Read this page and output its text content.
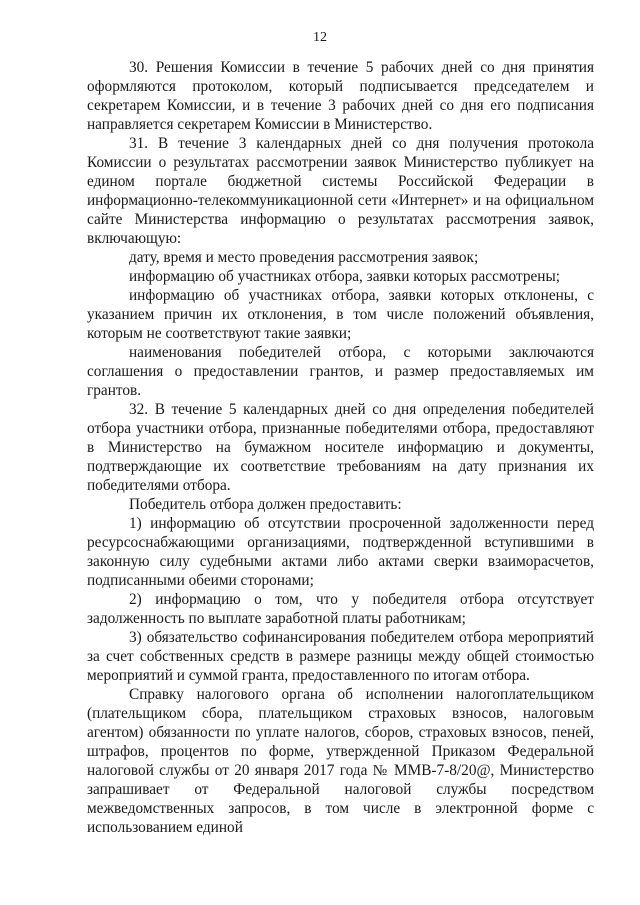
12

30. Решения Комиссии в течение 5 рабочих дней со дня принятия оформляются протоколом, который подписывается председателем и секретарем Комиссии, и в течение 3 рабочих дней со дня его подписания направляется секретарем Комиссии в Министерство.

31. В течение 3 календарных дней со дня получения протокола Комиссии о результатах рассмотрении заявок Министерство публикует на едином портале бюджетной системы Российской Федерации в информационно-телекоммуникационной сети «Интернет» и на официальном сайте Министерства информацию о результатах рассмотрения заявок, включающую:

дату, время и место проведения рассмотрения заявок;

информацию об участниках отбора, заявки которых рассмотрены;

информацию об участниках отбора, заявки которых отклонены, с указанием причин их отклонения, в том числе положений объявления, которым не соответствуют такие заявки;

наименования победителей отбора, с которыми заключаются соглашения о предоставлении грантов, и размер предоставляемых им грантов.

32. В течение 5 календарных дней со дня определения победителей отбора участники отбора, признанные победителями отбора, предоставляют в Министерство на бумажном носителе информацию и документы, подтверждающие их соответствие требованиям на дату признания их победителями отбора.

Победитель отбора должен предоставить:

1) информацию об отсутствии просроченной задолженности перед ресурсоснабжающими организациями, подтвержденной вступившими в законную силу судебными актами либо актами сверки взаиморасчетов, подписанными обеими сторонами;

2) информацию о том, что у победителя отбора отсутствует задолженность по выплате заработной платы работникам;

3) обязательство софинансирования победителем отбора мероприятий за счет собственных средств в размере разницы между общей стоимостью мероприятий и суммой гранта, предоставленного по итогам отбора.

Справку налогового органа об исполнении налогоплательщиком (плательщиком сбора, плательщиком страховых взносов, налоговым агентом) обязанности по уплате налогов, сборов, страховых взносов, пеней, штрафов, процентов по форме, утвержденной Приказом Федеральной налоговой службы от 20 января 2017 года № ММВ-7-8/20@, Министерство запрашивает от Федеральной налоговой службы посредством межведомственных запросов, в том числе в электронной форме с использованием единой
